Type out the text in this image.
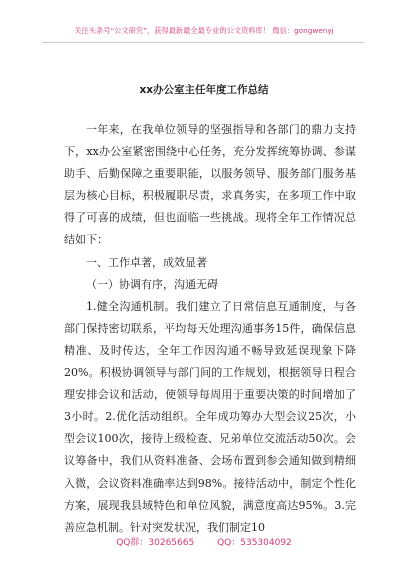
关注头条号“公文研究”，获得最新最全最专业的公文资料库！ 微信：gongwenyj
xx办公室主任年度工作总结

一年来，在我单位领导的坚强指导和各部门的鼎力支持下，xx办公室紧密围绕中心任务，充分发挥统筹协调、参谋助手、后勤保障之重要职能，以服务领导、服务部门服务基层为核心目标，积极履职尽责，求真务实，在多项工作中取得了可喜的成绩，但也面临一些挑战。现将全年工作情况总结如下：

一、工作卓著，成效显著

（一）协调有序，沟通无碍

1.健全沟通机制。我们建立了日常信息互通制度，与各部门保持密切联系，平均每天处理沟通事务15件，确保信息精准、及时传达，全年工作因沟通不畅导致延误现象下降20%。积极协调领导与部门间的工作规划，根据领导日程合理安排会议和活动，使领导每周用于重要决策的时间增加了3小时。2.优化活动组织。全年成功筹办大型会议25次，小型会议100次，接待上级检查、兄弟单位交流活动50次。会议筹备中，我们从资料准备、会场布置到参会通知做到精细入微，会议资料准确率达到98%。接待活动中，制定个性化方案，展现我县域特色和单位风貌，满意度高达95%。3.完善应急机制。针对突发状况，我们制定10

QQ群：30265665	QQ：535304092
